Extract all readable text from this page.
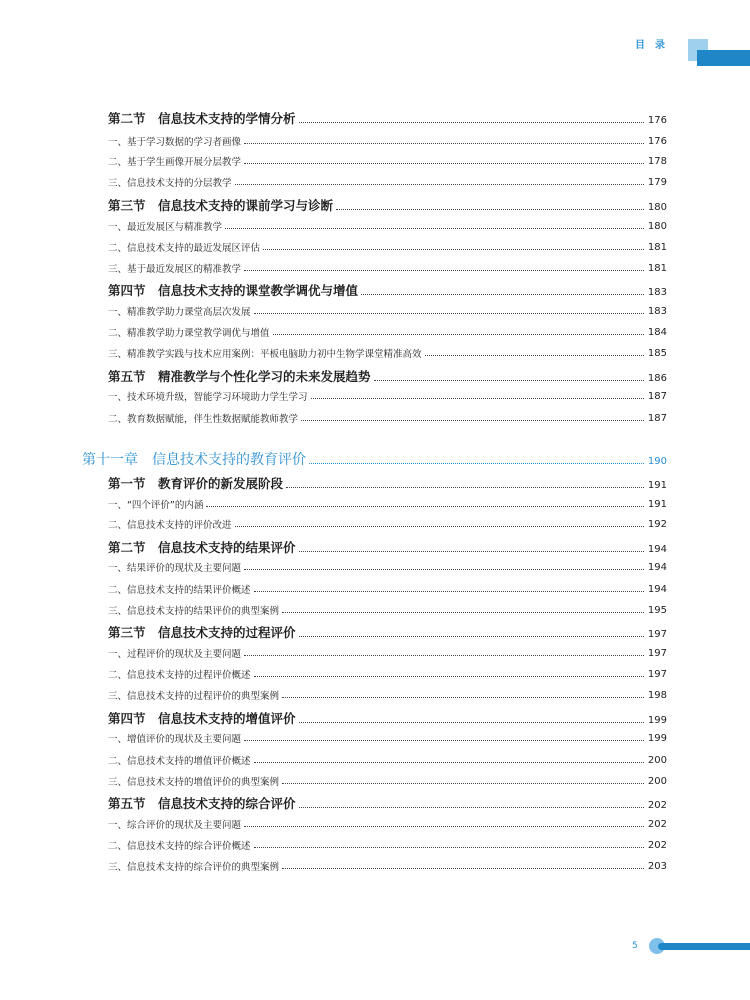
目录
第二节　信息技术支持的学情分析	176
一、基于学习数据的学习者画像	176
二、基于学生画像开展分层教学	178
三、信息技术支持的分层教学	179
第三节　信息技术支持的课前学习与诊断	180
一、最近发展区与精准教学	180
二、信息技术支持的最近发展区评估	181
三、基于最近发展区的精准教学	181
第四节　信息技术支持的课堂教学调优与增值	183
一、精准教学助力课堂高层次发展	183
二、精准教学助力课堂教学调优与增值	184
三、精准教学实践与技术应用案例：平板电脑助力初中生物学课堂精准高效	185
第五节　精准教学与个性化学习的未来发展趋势	186
一、技术环境升级，智能学习环境助力学生学习	187
二、教育数据赋能，伴生性数据赋能教师教学	187
第十一章　信息技术支持的教育评价	190
第一节　教育评价的新发展阶段	191
一、“四个评价”的内涵	191
二、信息技术支持的评价改进	192
第二节　信息技术支持的结果评价	194
一、结果评价的现状及主要问题	194
二、信息技术支持的结果评价概述	194
三、信息技术支持的结果评价的典型案例	195
第三节　信息技术支持的过程评价	197
一、过程评价的现状及主要问题	197
二、信息技术支持的过程评价概述	197
三、信息技术支持的过程评价的典型案例	198
第四节　信息技术支持的增值评价	199
一、增值评价的现状及主要问题	199
二、信息技术支持的增值评价概述	200
三、信息技术支持的增值评价的典型案例	200
第五节　信息技术支持的综合评价	202
一、综合评价的现状及主要问题	202
二、信息技术支持的综合评价概述	202
三、信息技术支持的综合评价的典型案例	203
5
